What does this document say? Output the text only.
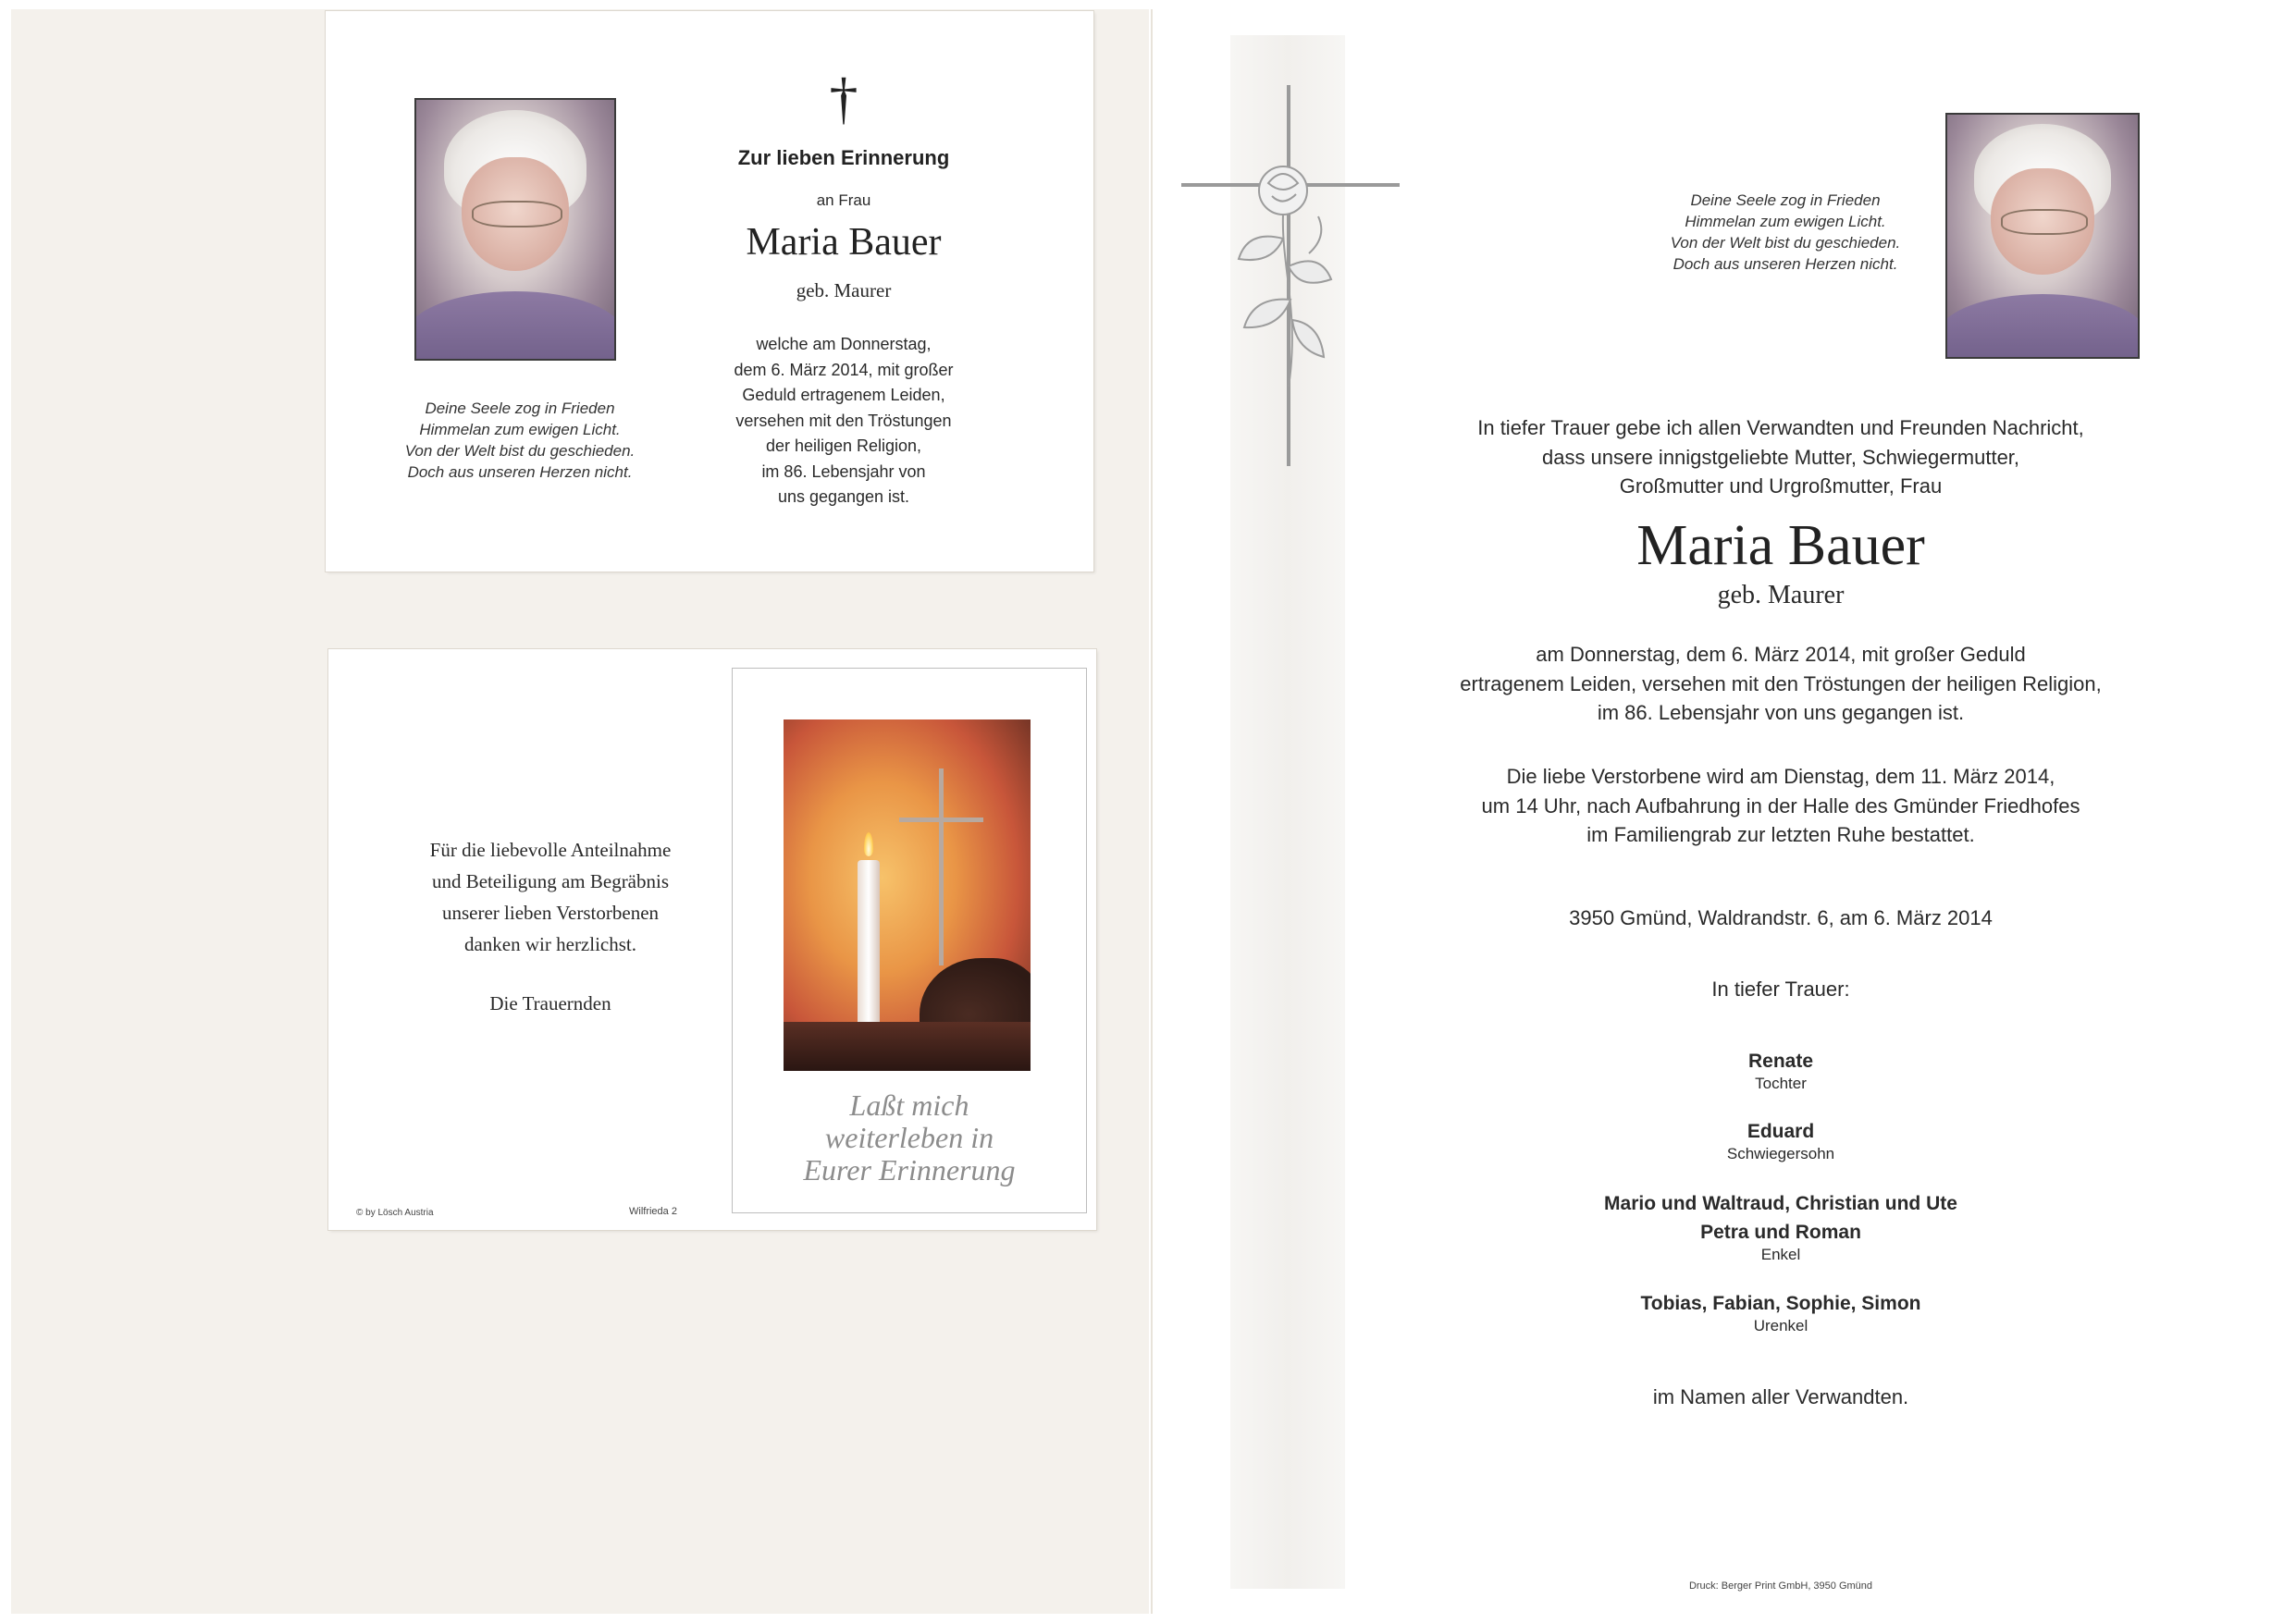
Deine Seele zog in Frieden
Himmelan zum ewigen Licht.
Von der Welt bist du geschieden.
Doch aus unseren Herzen nicht.
†
Zur lieben Erinnerung
an Frau
Maria Bauer
geb. Maurer
welche am Donnerstag,
dem 6. März 2014, mit großer
Geduld ertragenem Leiden,
versehen mit den Tröstungen
der heiligen Religion,
im 86. Lebensjahr von
uns gegangen ist.
Für die liebevolle Anteilnahme
und Beteiligung am Begräbnis
unserer lieben Verstorbenen
danken wir herzlichst.
Die Trauernden
© by Lösch Austria	Wilfrieda 2
Laßt mich
weiterleben in
Eurer Erinnerung
Deine Seele zog in Frieden
Himmelan zum ewigen Licht.
Von der Welt bist du geschieden.
Doch aus unseren Herzen nicht.
In tiefer Trauer gebe ich allen Verwandten und Freunden Nachricht,
dass unsere innigstgeliebte Mutter, Schwiegermutter,
Großmutter und Urgroßmutter, Frau
Maria Bauer
geb. Maurer
am Donnerstag, dem 6. März 2014, mit großer Geduld
ertragenem Leiden, versehen mit den Tröstungen der heiligen Religion,
im 86. Lebensjahr von uns gegangen ist.
Die liebe Verstorbene wird am Dienstag, dem 11. März 2014,
um 14 Uhr, nach Aufbahrung in der Halle des Gmünder Friedhofes
im Familiengrab zur letzten Ruhe bestattet.
3950 Gmünd, Waldrandstr. 6, am 6. März 2014
In tiefer Trauer:
Renate
Tochter
Eduard
Schwiegersohn
Mario und Waltraud, Christian und Ute
Petra und Roman
Enkel
Tobias, Fabian, Sophie, Simon
Urenkel
im Namen aller Verwandten.
Druck: Berger Print GmbH, 3950 Gmünd
